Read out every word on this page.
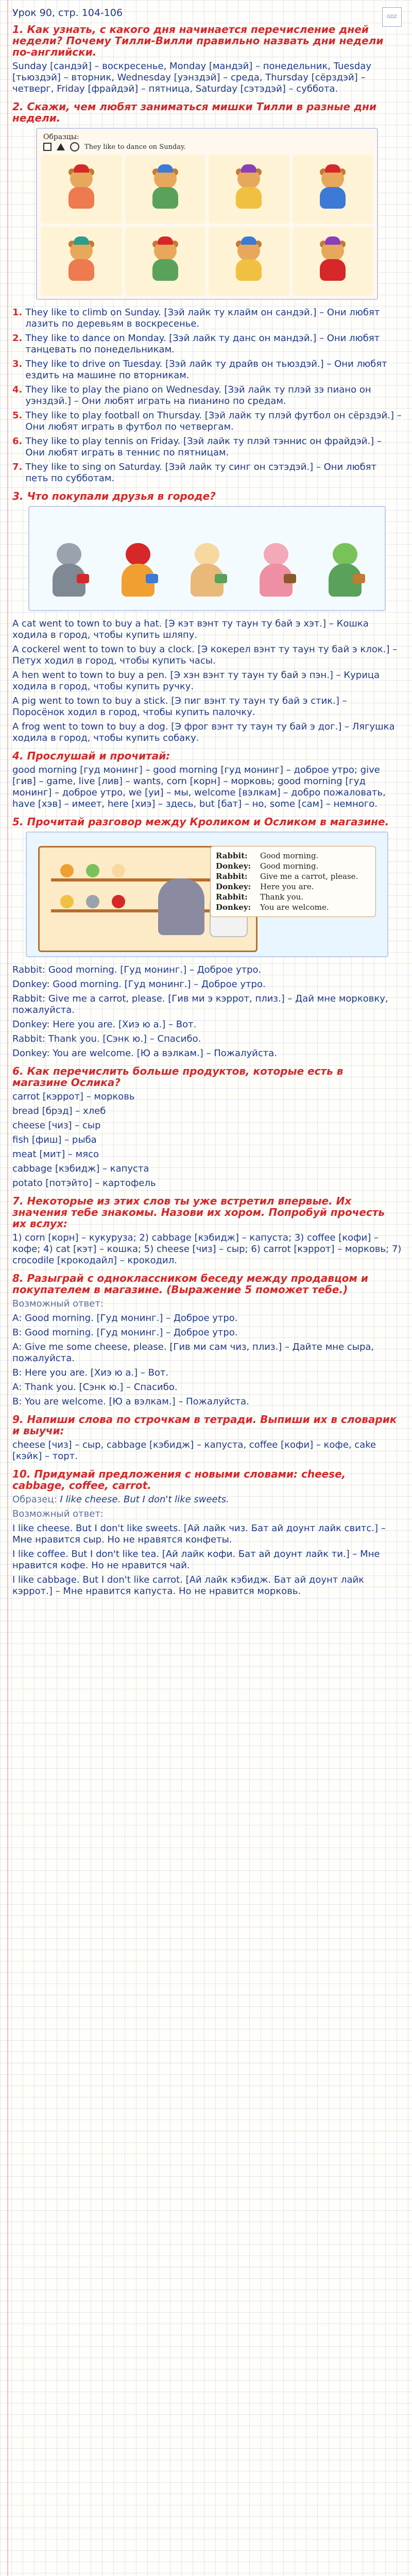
GDZ
Урок 90, стр. 104-106
1. Как узнать, с какого дня начинается перечисление дней недели? Почему Тилли-Вилли правильно назвать дни недели по-английски.
Sunday [сандэй] – воскресенье, Monday [мандэй] – понедельник, Tuesday [тьюздэй] – вторник, Wednesday [уэнздэй] – среда, Thursday [сёрздэй] – четверг, Friday [фрайдэй] – пятница, Saturday [сэтэдэй] – суббота.
2. Скажи, чем любят заниматься мишки Тилли в разные дни недели.
Образцы:
They like to dance on Sunday.
1. They like to climb on Sunday. [Зэй лайк ту клайм он сандэй.] – Они любят лазить по деревьям в воскресенье.
2. They like to dance on Monday. [Зэй лайк ту данс он мандэй.] – Они любят танцевать по понедельникам.
3. They like to drive on Tuesday. [Зэй лайк ту драйв он тьюздэй.] – Они любят ездить на машине по вторникам.
4. They like to play the piano on Wednesday. [Зэй лайк ту плэй зэ пиано он уэнздэй.] – Они любят играть на пианино по средам.
5. They like to play football on Thursday. [Зэй лайк ту плэй футбол он сёрздэй.] – Они любят играть в футбол по четвергам.
6. They like to play tennis on Friday. [Зэй лайк ту плэй тэннис он фрайдэй.] – Они любят играть в теннис по пятницам.
7. They like to sing on Saturday. [Зэй лайк ту синг он сэтэдэй.] – Они любят петь по субботам.
3. Что покупали друзья в городе?
A cat went to town to buy a hat. [Э кэт вэнт ту таун ту бай э хэт.] – Кошка ходила в город, чтобы купить шляпу.
A cockerel went to town to buy a clock. [Э кокерел вэнт ту таун ту бай э клок.] – Петух ходил в город, чтобы купить часы.
A hen went to town to buy a pen. [Э хэн вэнт ту таун ту бай э пэн.] – Курица ходила в город, чтобы купить ручку.
A pig went to town to buy a stick. [Э пиг вэнт ту таун ту бай э стик.] – Поросёнок ходил в город, чтобы купить палочку.
A frog went to town to buy a dog. [Э фрог вэнт ту таун ту бай э дог.] – Лягушка ходила в город, чтобы купить собаку.
4. Прослушай и прочитай:
good morning [гуд монинг] – good morning [гуд монинг] – доброе утро; give [гив] – game, live [лив] – wants, corn [корн] – морковь; good morning [гуд монинг] – доброе утро, we [уи] – мы, welcome [вэлкам] – добро пожаловать, have [хэв] – имеет, here [хиэ] – здесь, but [бат] – но, some [сам] – немного.
5. Прочитай разговор между Кроликом и Осликом в магазине.
Rabbit:	Good morning.
Donkey:	Good morning.
Rabbit:	Give me a carrot, please.
Donkey:	Here you are.
Rabbit:	Thank you.
Donkey:	You are welcome.
Rabbit: Good morning. [Гуд монинг.] – Доброе утро.
Donkey: Good morning. [Гуд монинг.] – Доброе утро.
Rabbit: Give me a carrot, please. [Гив ми э кэррот, плиз.] – Дай мне морковку, пожалуйста.
Donkey: Here you are. [Хиэ ю а.] – Вот.
Rabbit: Thank you. [Сэнк ю.] – Спасибо.
Donkey: You are welcome. [Ю а вэлкам.] – Пожалуйста.
6. Как перечислить больше продуктов, которые есть в магазине Ослика?
carrot [кэррот] – морковь
bread [брэд] – хлеб
cheese [чиз] – сыр
fish [фиш] – рыба
meat [мит] – мясо
cabbage [кэбидж] – капуста
potato [потэйто] – картофель
7. Некоторые из этих слов ты уже встретил впервые. Их значения тебе знакомы. Назови их хором. Попробуй прочесть их вслух:
1) corn [корн] – кукуруза; 2) cabbage [кэбидж] – капуста; 3) coffee [кофи] – кофе; 4) cat [кэт] – кошка; 5) cheese [чиз] – сыр; 6) carrot [кэррот] – морковь; 7) crocodile [крокодайл] – крокодил.
8. Разыграй с одноклассником беседу между продавцом и покупателем в магазине. (Выражение 5 поможет тебе.)
Возможный ответ:
А: Good morning. [Гуд монинг.] – Доброе утро.
В: Good morning. [Гуд монинг.] – Доброе утро.
А: Give me some cheese, please. [Гив ми сам чиз, плиз.] – Дайте мне сыра, пожалуйста.
В: Here you are. [Хиэ ю а.] – Вот.
А: Thank you. [Сэнк ю.] – Спасибо.
В: You are welcome. [Ю а вэлкам.] – Пожалуйста.
9. Напиши слова по строчкам в тетради. Выпиши их в словарик и выучи:
cheese [чиз] – сыр, cabbage [кэбидж] – капуста, coffee [кофи] – кофе, cake [кэйк] – торт.
10. Придумай предложения с новыми словами: cheese, cabbage, coffee, carrot.
Образец: I like cheese. But I don't like sweets.
Возможный ответ:
I like cheese. But I don't like sweets. [Ай лайк чиз. Бат ай доунт лайк свитс.] – Мне нравится сыр. Но не нравятся конфеты.
I like coffee. But I don't like tea. [Ай лайк кофи. Бат ай доунт лайк ти.] – Мне нравится кофе. Но не нравится чай.
I like cabbage. But I don't like carrot. [Ай лайк кэбидж. Бат ай доунт лайк кэррот.] – Мне нравится капуста. Но не нравится морковь.
